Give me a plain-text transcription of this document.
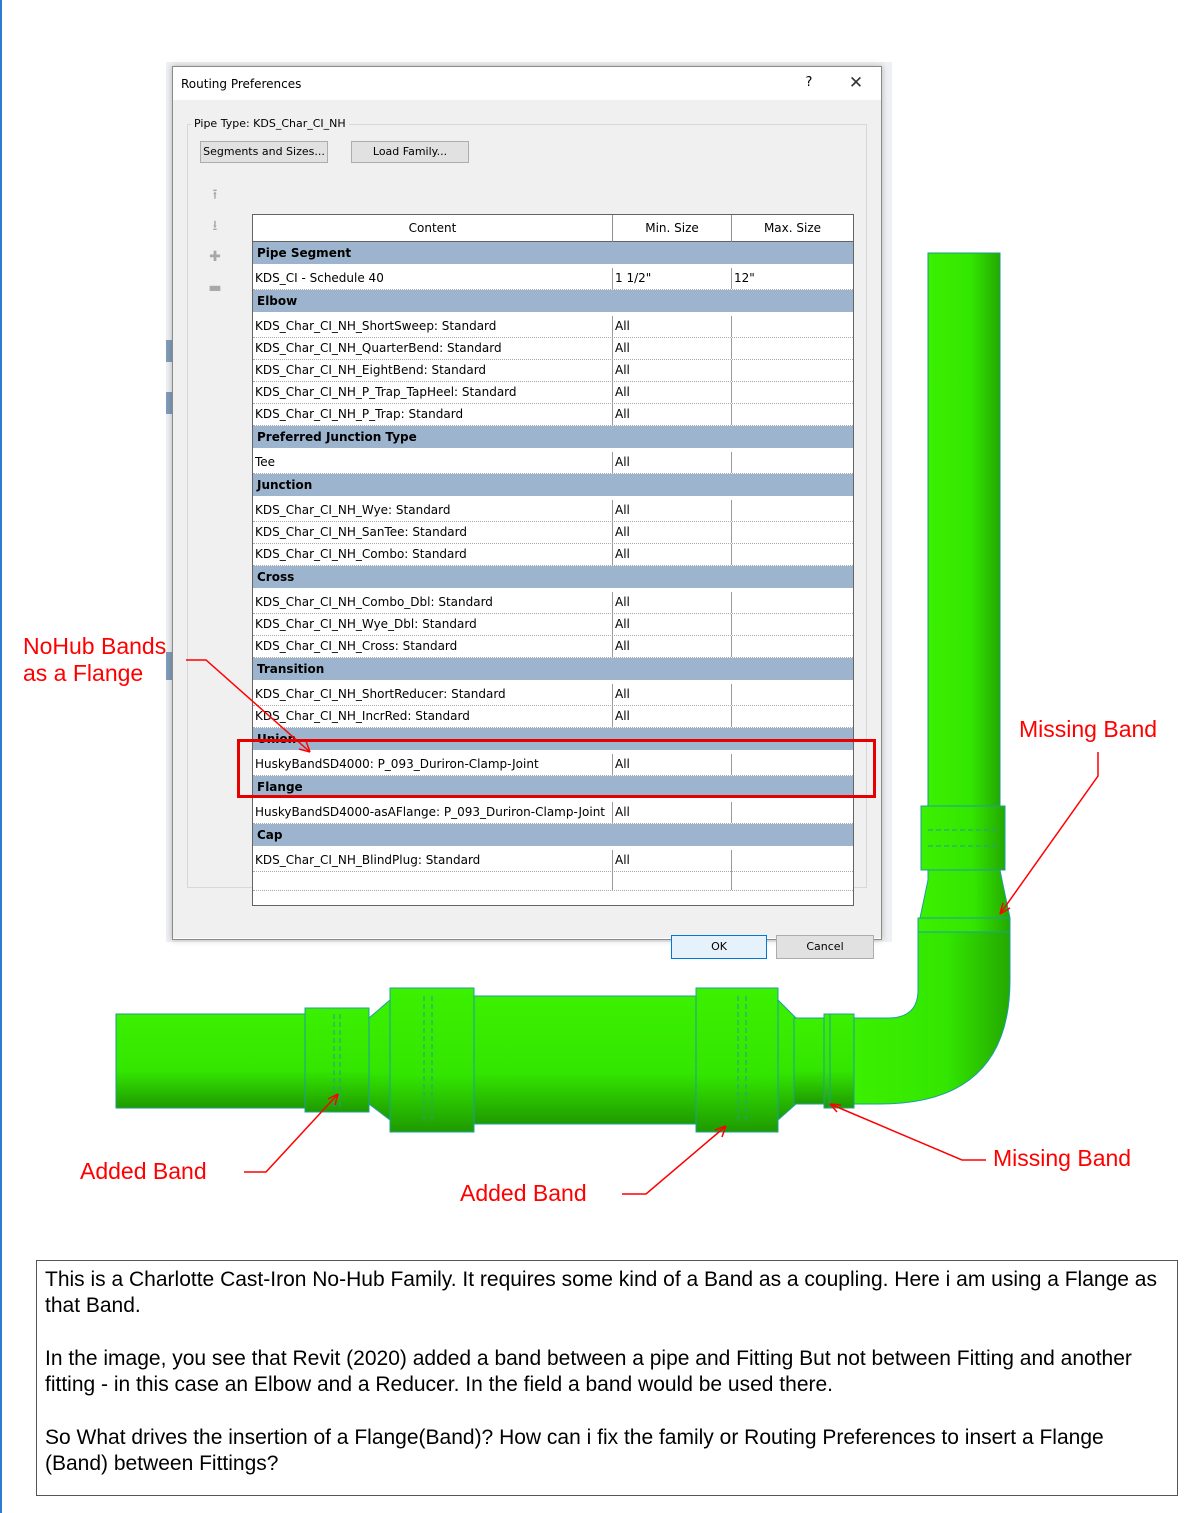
Routing Preferences	?	✕
Pipe Type: KDS_Char_CI_NH
Segments and Sizes...	Load Family...
⭱
⭳
✚
▬
Content	Min. Size	Max. Size
Pipe Segment
KDS_CI - Schedule 40	1 1/2"	12"
Elbow
KDS_Char_CI_NH_ShortSweep: Standard	All
KDS_Char_CI_NH_QuarterBend: Standard	All
KDS_Char_CI_NH_EightBend: Standard	All
KDS_Char_CI_NH_P_Trap_TapHeel: Standard	All
KDS_Char_CI_NH_P_Trap: Standard	All
Preferred Junction Type
Tee	All
Junction
KDS_Char_CI_NH_Wye: Standard	All
KDS_Char_CI_NH_SanTee: Standard	All
KDS_Char_CI_NH_Combo: Standard	All
Cross
KDS_Char_CI_NH_Combo_Dbl: Standard	All
KDS_Char_CI_NH_Wye_Dbl: Standard	All
KDS_Char_CI_NH_Cross: Standard	All
Transition
KDS_Char_CI_NH_ShortReducer: Standard	All
KDS_Char_CI_NH_IncrRed: Standard	All
Union
HuskyBandSD4000: P_093_Duriron-Clamp-Joint	All
Flange
HuskyBandSD4000-asAFlange: P_093_Duriron-Clamp-Joint All
Cap
KDS_Char_CI_NH_BlindPlug: Standard	All
OK	Cancel
NoHub Bands
as a Flange
Missing Band
Missing Band
Added Band
Added Band

This is a Charlotte Cast-Iron No-Hub Family. It requires some kind of a Band as a coupling. Here i am using a Flange as that Band.

In the image, you see that Revit (2020) added a band between a pipe and Fitting But not between Fitting and another fitting - in this case an Elbow and a Reducer. In the field a band would be used there.

So What drives the insertion of a Flange(Band)? How can i fix the family or Routing Preferences to insert a Flange (Band) between Fittings?
